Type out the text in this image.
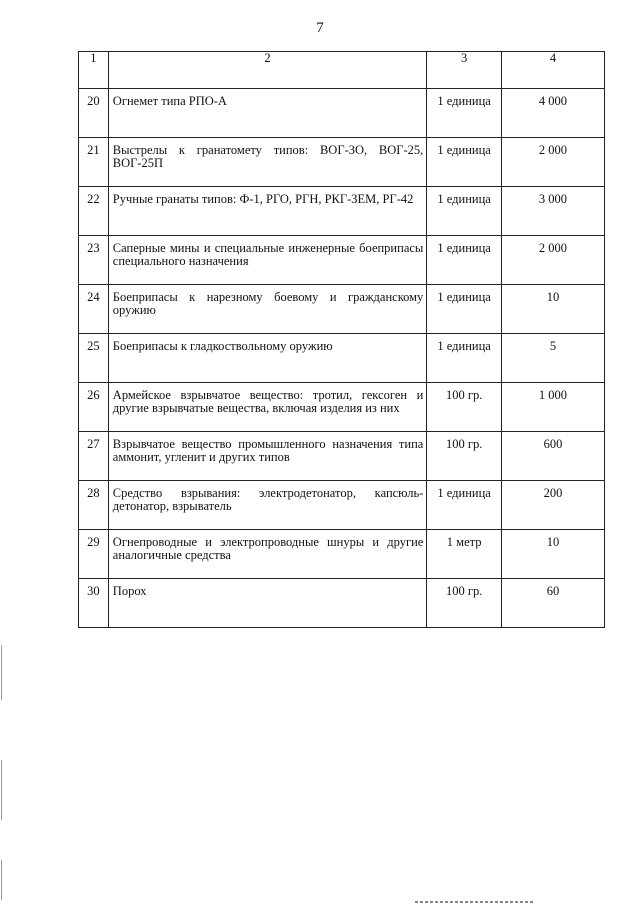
7
1	2	3	4

20	Огнемет типа РПО-А	1 единица	4 000

21	Выстрелы к гранатомету типов: ВОГ-ЗО, ВОГ-25, ВОГ-25П	1 единица	2 000

22	Ручные гранаты типов: Ф-1, РГО, РГН, РКГ-ЗЕМ, РГ-42	1 единица	3 000

23	Саперные мины и специальные инженерные боеприпасы специального назначения	1 единица	2 000

24	Боеприпасы к нарезному боевому и гражданскому оружию	1 единица	10

25	Боеприпасы к гладкоствольному оружию	1 единица	5

26	Армейское взрывчатое вещество: тротил, гексоген и другие взрывчатые вещества, включая изделия из них	100 гр.	1 000

27	Взрывчатое вещество промышленного назначения типа аммонит, угленит и других типов	100 гр.	600

28	Средство взрывания: электродетонатор, капсюль-детонатор, взрыватель	1 единица	200

29	Огнепроводные и электропроводные шнуры и другие аналогичные средства	1 метр	10

30	Порох	100 гр.	60
